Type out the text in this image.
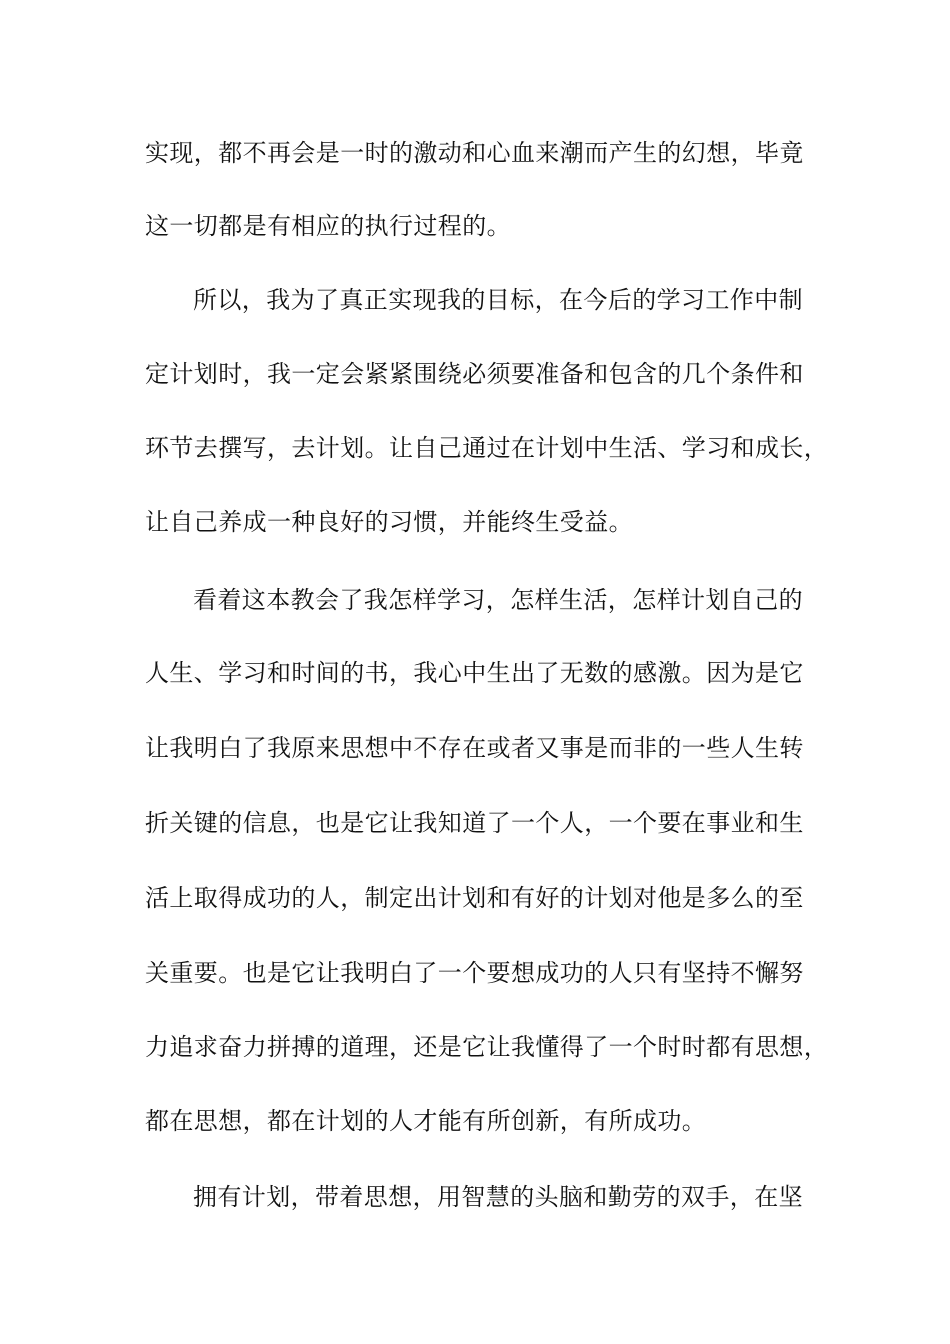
实现，都不再会是一时的激动和心血来潮而产生的幻想，毕竟
这一切都是有相应的执行过程的。
所以，我为了真正实现我的目标，在今后的学习工作中制
定计划时，我一定会紧紧围绕必须要准备和包含的几个条件和
环节去撰写，去计划。让自己通过在计划中生活、学习和成长，
让自己养成一种良好的习惯，并能终生受益。
看着这本教会了我怎样学习，怎样生活，怎样计划自己的
人生、学习和时间的书，我心中生出了无数的感激。因为是它
让我明白了我原来思想中不存在或者又事是而非的一些人生转
折关键的信息，也是它让我知道了一个人，一个要在事业和生
活上取得成功的人，制定出计划和有好的计划对他是多么的至
关重要。也是它让我明白了一个要想成功的人只有坚持不懈努
力追求奋力拼搏的道理，还是它让我懂得了一个时时都有思想，
都在思想，都在计划的人才能有所创新，有所成功。
拥有计划，带着思想，用智慧的头脑和勤劳的双手，在坚
